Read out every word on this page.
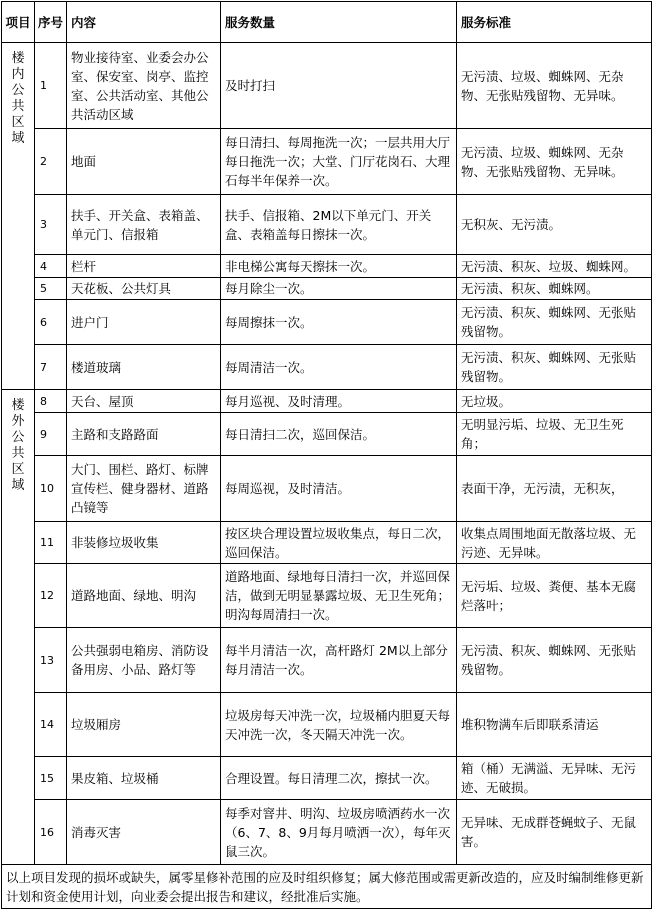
项目	序号	内容	服务数量	服务标准
楼内公共区域	1	物业接待室、业委会办公室、保安室、岗亭、监控室、公共活动室、其他公共活动区域	及时打扫	无污渍、垃圾、蜘蛛网、无杂物、无张贴残留物、无异味。
	2	地面	每日清扫、每周拖洗一次；一层共用大厅每日拖洗一次；大堂、门厅花岗石、大理石每半年保养一次。	无污渍、垃圾、蜘蛛网、无杂物、无张贴残留物、无异味。
	3	扶手、开关盒、表箱盖、单元门、信报箱	扶手、信报箱、2M以下单元门、开关盒、表箱盖每日擦抹一次。	无积灰、无污渍。
	4	栏杆	非电梯公寓每天擦抹一次。	无污渍、积灰、垃圾、蜘蛛网。
	5	天花板、公共灯具	每月除尘一次。	无污渍、积灰、蜘蛛网。
	6	进户门	每周擦抹一次。	无污渍、积灰、蜘蛛网、无张贴残留物。
	7	楼道玻璃	每周清洁一次。	无污渍、积灰、蜘蛛网、无张贴残留物。
楼外公共区域	8	天台、屋顶	每月巡视、及时清理。	无垃圾。
	9	主路和支路路面	每日清扫二次，巡回保洁。	无明显污垢、垃圾、无卫生死角；
	10	大门、围栏、路灯、标牌宣传栏、健身器材、道路凸镜等	每周巡视，及时清洁。	表面干净，无污渍，无积灰，
	11	非装修垃圾收集	按区块合理设置垃圾收集点，每日二次，巡回保洁。	收集点周围地面无散落垃圾、无污迹、无异味。
	12	道路地面、绿地、明沟	道路地面、绿地每日清扫一次，并巡回保洁，做到无明显暴露垃圾、无卫生死角；明沟每周清扫一次。	无污垢、垃圾、粪便、基本无腐烂落叶；
	13	公共强弱电箱房、消防设备用房、小品、路灯等	每半月清洁一次，高杆路灯 2M以上部分每月清洁一次。	无污渍、积灰、蜘蛛网、无张贴残留物。
	14	垃圾厢房	垃圾房每天冲洗一次，垃圾桶内胆夏天每天冲洗一次，冬天隔天冲洗一次。	堆积物满车后即联系清运
	15	果皮箱、垃圾桶	合理设置。每日清理二次，擦拭一次。	箱（桶）无满溢、无异味、无污迹、无破损。
	16	消毒灭害	每季对窨井、明沟、垃圾房喷洒药水一次（6、7、8、9月每月喷洒一次），每年灭鼠三次。	无异味、无成群苍蝇蚊子、无鼠害。
以上项目发现的损坏或缺失，属零星修补范围的应及时组织修复；属大修范围或需更新改造的，应及时编制维修更新计划和资金使用计划，向业委会提出报告和建议，经批准后实施。				
